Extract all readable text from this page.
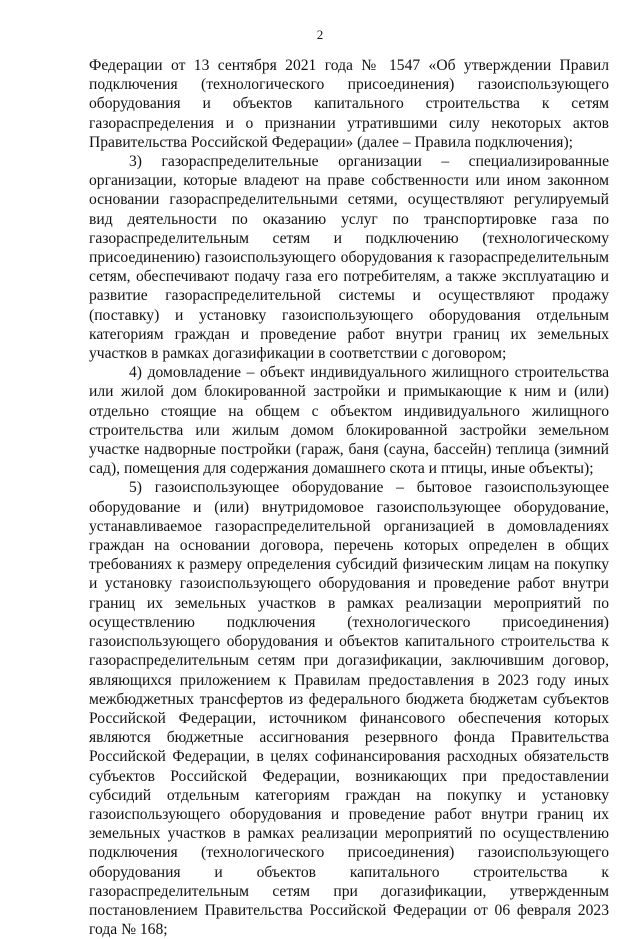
2

Федерации от 13 сентября 2021 года № 1547 «Об утверждении Правил подключения (технологического присоединения) газоиспользующего оборудования и объектов капитального строительства к сетям газораспределения и о признании утратившими силу некоторых актов Правительства Российской Федерации» (далее – Правила подключения);

3) газораспределительные организации – специализированные организации, которые владеют на праве собственности или ином законном основании газораспределительными сетями, осуществляют регулируемый вид деятельности по оказанию услуг по транспортировке газа по газораспределительным сетям и подключению (технологическому присоединению) газоиспользующего оборудования к газораспределительным сетям, обеспечивают подачу газа его потребителям, а также эксплуатацию и развитие газораспределительной системы и осуществляют продажу (поставку) и установку газоиспользующего оборудования отдельным категориям граждан и проведение работ внутри границ их земельных участков в рамках догазификации в соответствии с договором;

4) домовладение – объект индивидуального жилищного строительства или жилой дом блокированной застройки и примыкающие к ним и (или) отдельно стоящие на общем с объектом индивидуального жилищного строительства или жилым домом блокированной застройки земельном участке надворные постройки (гараж, баня (сауна, бассейн) теплица (зимний сад), помещения для содержания домашнего скота и птицы, иные объекты);

5) газоиспользующее оборудование – бытовое газоиспользующее оборудование и (или) внутридомовое газоиспользующее оборудование, устанавливаемое газораспределительной организацией в домовладениях граждан на основании договора, перечень которых определен в общих требованиях к размеру определения субсидий физическим лицам на покупку и установку газоиспользующего оборудования и проведение работ внутри границ их земельных участков в рамках реализации мероприятий по осуществлению подключения (технологического присоединения) газоиспользующего оборудования и объектов капитального строительства к газораспределительным сетям при догазификации, заключившим договор, являющихся приложением к Правилам предоставления в 2023 году иных межбюджетных трансфертов из федерального бюджета бюджетам субъектов Российской Федерации, источником финансового обеспечения которых являются бюджетные ассигнования резервного фонда Правительства Российской Федерации, в целях софинансирования расходных обязательств субъектов Российской Федерации, возникающих при предоставлении субсидий отдельным категориям граждан на покупку и установку газоиспользующего оборудования и проведение работ внутри границ их земельных участков в рамках реализации мероприятий по осуществлению подключения (технологического присоединения) газоиспользующего оборудования и объектов капитального строительства к газораспределительным сетям при догазификации, утвержденным постановлением Правительства Российской Федерации от 06 февраля 2023 года № 168;
